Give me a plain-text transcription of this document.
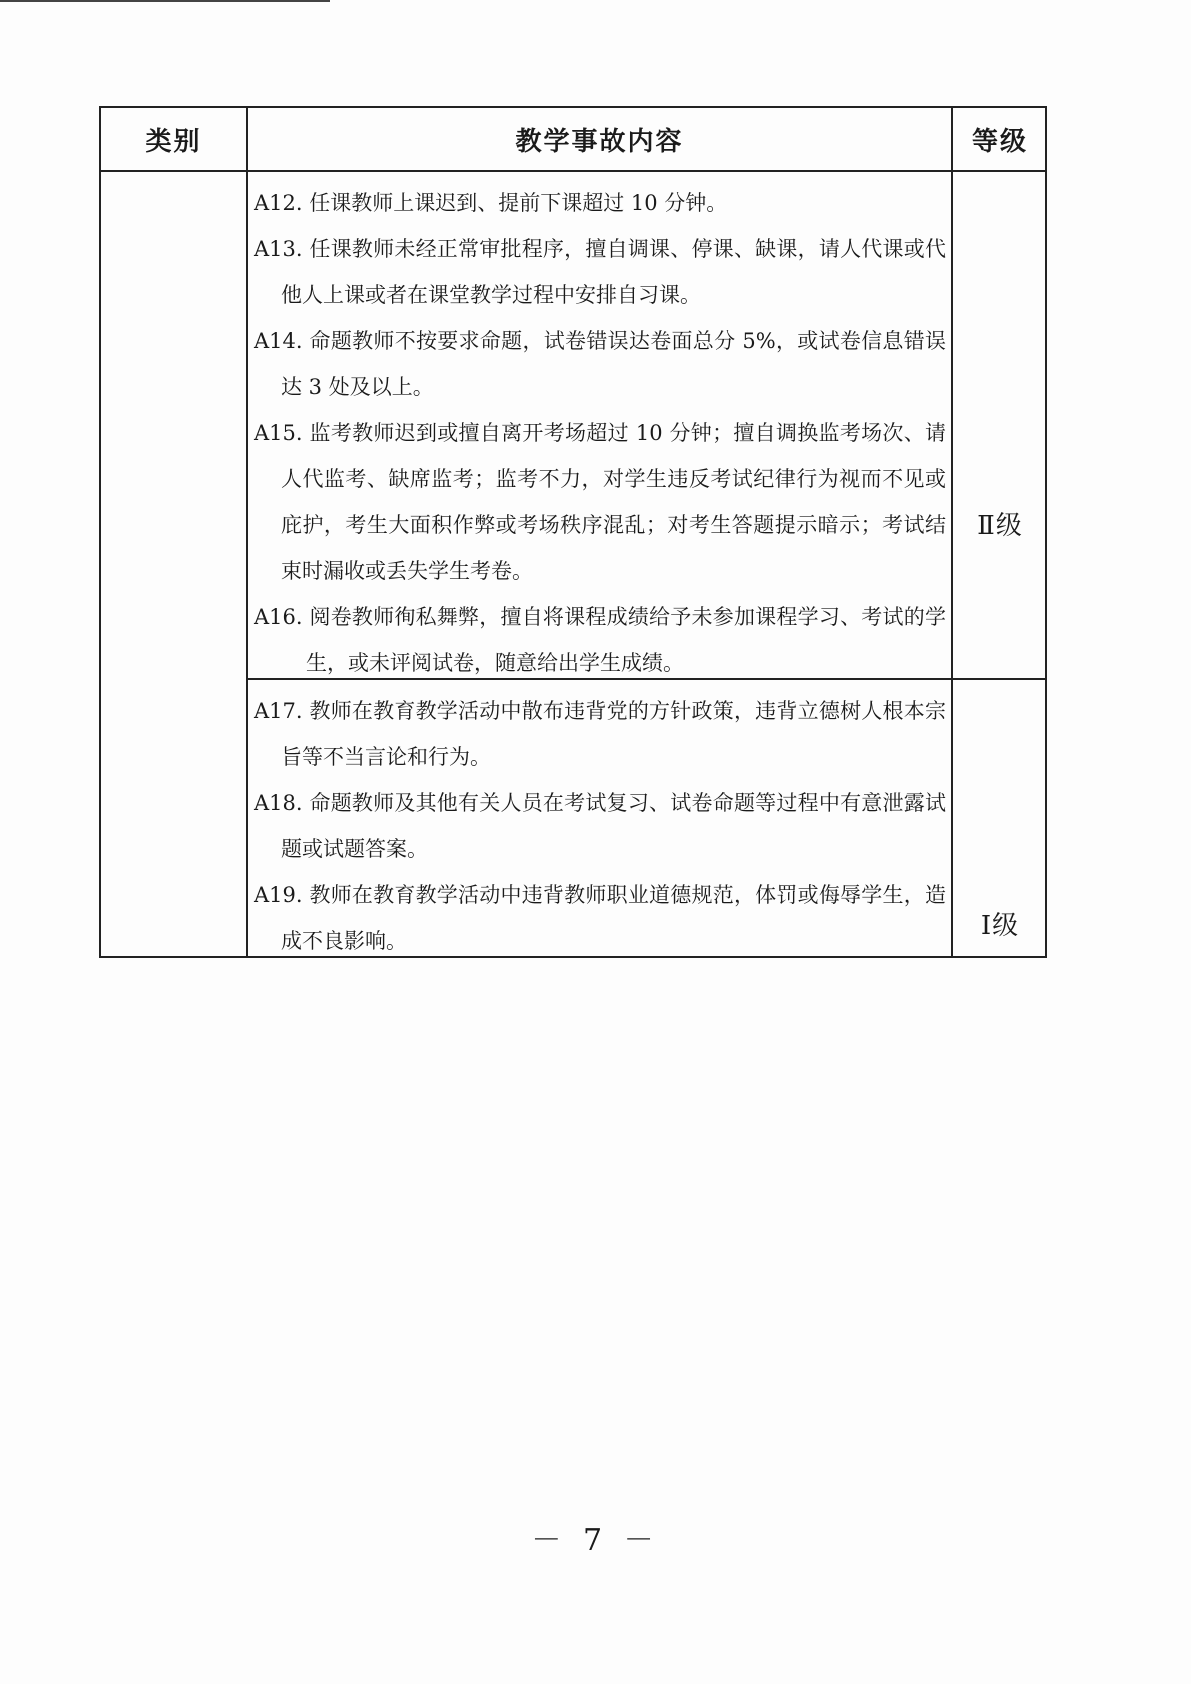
类别	教学事故内容	等级

A12. 任课教师上课迟到、提前下课超过 10 分钟。

A13. 任课教师未经正常审批程序，擅自调课、停课、缺课，请人代课或代他人上课或者在课堂教学过程中安排自习课。

A14. 命题教师不按要求命题，试卷错误达卷面总分 5%，或试卷信息错误达 3 处及以上。

A15. 监考教师迟到或擅自离开考场超过 10 分钟；擅自调换监考场次、请人代监考、缺席监考；监考不力，对学生违反考试纪律行为视而不见或庇护，考生大面积作弊或考场秩序混乱；对考生答题提示暗示；考试结束时漏收或丢失学生考卷。

A16. 阅卷教师徇私舞弊，擅自将课程成绩给予未参加课程学习、考试的学生，或未评阅试卷，随意给出学生成绩。

Ⅱ级

A17. 教师在教育教学活动中散布违背党的方针政策，违背立德树人根本宗旨等不当言论和行为。

A18. 命题教师及其他有关人员在考试复习、试卷命题等过程中有意泄露试题或试题答案。

A19. 教师在教育教学活动中违背教师职业道德规范，体罚或侮辱学生，造成不良影响。

Ⅰ级
－ 7 －
